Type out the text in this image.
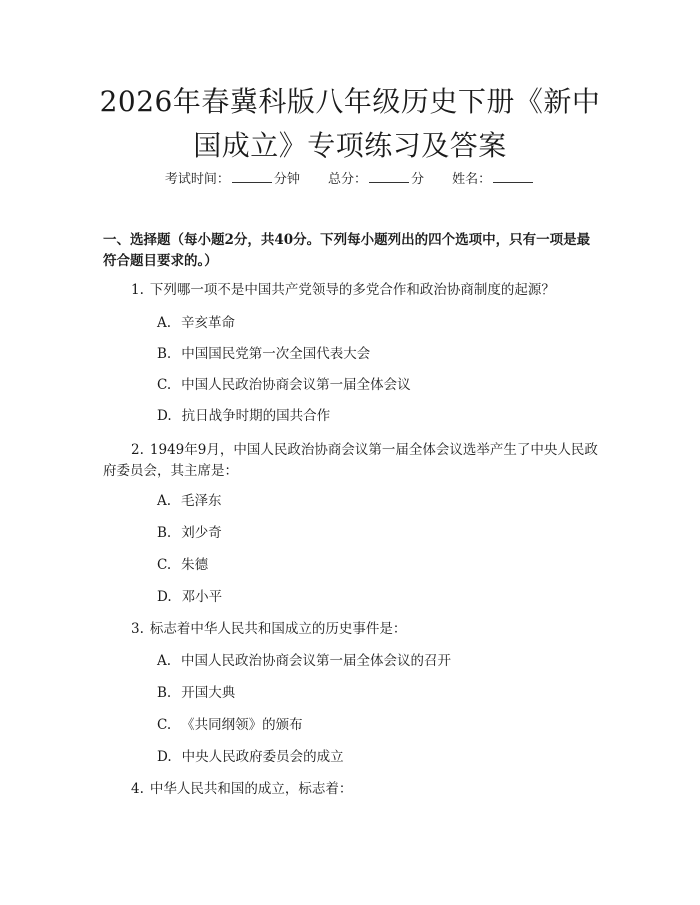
2026年春冀科版八年级历史下册《新中国成立》专项练习及答案
考试时间：	分钟 总分：	分 姓名：

一、选择题（每小题2分，共40分。下列每小题列出的四个选项中，只有一项是最符合题目要求的。）

1. 下列哪一项不是中国共产党领导的多党合作和政治协商制度的起源？

A. 辛亥革命

B. 中国国民党第一次全国代表大会

C. 中国人民政治协商会议第一届全体会议

D. 抗日战争时期的国共合作

2. 1949年9月，中国人民政治协商会议第一届全体会议选举产生了中央人民政府委员会，其主席是：

A. 毛泽东

B. 刘少奇

C. 朱德

D. 邓小平

3. 标志着中华人民共和国成立的历史事件是：

A. 中国人民政治协商会议第一届全体会议的召开

B. 开国大典

C. 《共同纲领》的颁布

D. 中央人民政府委员会的成立

4. 中华人民共和国的成立，标志着：
